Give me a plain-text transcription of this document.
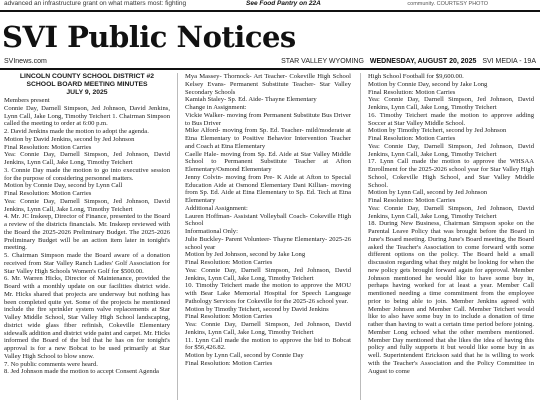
advanced an infrastructure grant on what matters most: fighting	See Food Pantry on 22A	community. COURTESY PHOTO
SVI Public Notices
SVInews.com	STAR VALLEY WYOMING WEDNESDAY, AUGUST 20, 2025 SVI MEDIA - 19A
LINCOLN COUNTY SCHOOL DISTRICT #2
SCHOOL BOARD MEETING MINUTES
JULY 9, 2025

Members present

Connie Day, Darnell Simpson, Jed Johnson, David Jenkins, Lynn Call, Jake Long, Timothy Teichert 1. Chairman Simpson called the meeting to order at 6:00 p.m.

2. David Jenkins made the motion to adopt the agenda.

Motion by David Jenkins, second by Jed Johnson

Final Resolution: Motion Carries

Yea: Connie Day, Darnell Simpson, Jed Johnson, David Jenkins, Lynn Call, Jake Long, Timothy Teichert

3. Connie Day made the motion to go into executive session for the purpose of considering personnel matters.

Motion by Connie Day, second by Lynn Call

Final Resolution: Motion Carries

Yea: Connie Day, Darnell Simpson, Jed Johnson, David Jenkins, Lynn Call, Jake Long, Timothy Teichert

4. Mr. JC Inskeep, Director of Finance, presented to the Board a review of the districts financials. Mr. Inskeep reviewed with the Board the 2025-2026 Preliminary Budget. The 2025-2026 Preliminary Budget will be an action item later in tonight's meeting.

5. Chairman Simpson made the Board aware of a donation received from Star Valley Ranch Ladies' Golf Association for Star Valley High Schools Women's Golf for $500.00.

6. Mr. Warren Hicks, Director of Maintenance, provided the Board with a monthly update on our facilities district wide. Mr. Hicks shared that projects are underway but nothing has been completed quite yet. Some of the projects he mentioned include the fire sprinkler system valve replacements at Star Valley Middle School, Star Valley High School landscaping, district wide glass fiber refinish, Cokeville Elementary sidewalk addition and district wide paint and carpet. Mr. Hicks informed the Board of the bid that he has on for tonight's approval is for a new Bobcat to be used primarily at Star Valley High School to blow snow.

7. No public comments were heard.

8. Jed Johnson made the motion to accept Consent Agenda

Mya Massey- Thornock- Art Teacher- Cokeville High School Kelsey Evans- Permanent Substitute Teacher- Star Valley Secondary Schools

Kamiah Staley- Sp. Ed. Aide- Thayne Elementary

Change in Assignment:

Vickie Walker- moving from Permanent Substitute Bus Driver to Bus Driver

Mike Alford- moving from Sp. Ed. Teacher- mild/moderate at Etna Elementary to Positive Behavior Intervention Teacher and Coach at Etna Elementary

Caelle Hale- moving from Sp. Ed. Aide at Star Valley Middle School to Permanent Substitute Teacher at Afton Elementary/Osmond Elementary

Jenny Colvin- moving from Pre- K Aide at Afton to Special Education Aide at Osmond Elementary Dani Killian- moving from Sp. Ed. Aide at Etna Elementary to Sp. Ed. Tech at Etna Elementary

Additional Assignment:

Lauren Hoffman- Assistant Volleyball Coach- Cokeville High School

Informational Only:

Julie Buckley- Parent Volunteer- Thayne Elementary- 2025-26 school year

Motion by Jed Johnson, second by Jake Long

Final Resolution: Motion Carries

Yea: Connie Day, Darnell Simpson, Jed Johnson, David Jenkins, Lynn Call, Jake Long, Timothy Teichert

10. Timothy Teichert made the motion to approve the MOU with Bear Lake Memorial Hospital for Speech Language Pathology Services for Cokeville for the 2025-26 school year.

Motion by Timothy Teichert, second by David Jenkins

Final Resolution: Motion Carries

Yea: Connie Day, Darnell Simpson, Jed Johnson, David Jenkins, Lynn Call, Jake Long, Timothy Teichert

11. Lynn Call made the motion to approve the bid to Bobcat for $56,426.82.

Motion by Lynn Call, second by Connie Day

Final Resolution: Motion Carries

High School Football for $9,600.00.

Motion by Connie Day, second by Jake Long

Final Resolution: Motion Carries

Yea: Connie Day, Darnell Simpson, Jed Johnson, David Jenkins, Lynn Call, Jake Long, Timothy Teichert

16. Timothy Teichert made the motion to approve adding Soccer at Star Valley Middle School.

Motion by Timothy Teichert, second by Jed Johnson

Final Resolution: Motion Carries

Yea: Connie Day, Darnell Simpson, Jed Johnson, David Jenkins, Lynn Call, Jake Long, Timothy Teichert

17. Lynn Call made the motion to approve the WHSAA Enrollment for the 2025-2026 school year for Star Valley High School, Cokeville High School, and Star Valley Middle School.

Motion by Lynn Call, second by Jed Johnson

Final Resolution: Motion Carries

Yea: Connie Day, Darnell Simpson, Jed Johnson, David Jenkins, Lynn Call, Jake Long, Timothy Teichert

18. During New Business, Chairman Simpson spoke on the Parental Leave Policy that was brought before the Board in June's Board meeting. During June's Board meeting, the Board asked the Teacher's Association to come forward with some different options on the policy. The Board held a small discussion regarding what they might be looking for when the new policy gets brought forward again for approval. Member Johnson mentioned he would like to have some buy in, perhaps having worked for at least a year. Member Call mentioned needing a time commitment from the employee prior to being able to join. Member Jenkins agreed with Member Johnson and Member Call. Member Teichert would like to also have some buy in to include a donation of time rather than having to wait a certain time period before joining. Member Long echoed what the other members mentioned. Member Day mentioned that she likes the idea of having this policy and fully supports it but would like some buy in as well. Superintendent Erickson said that he is willing to work with the Teacher's Association and the Policy Committee in August to come
